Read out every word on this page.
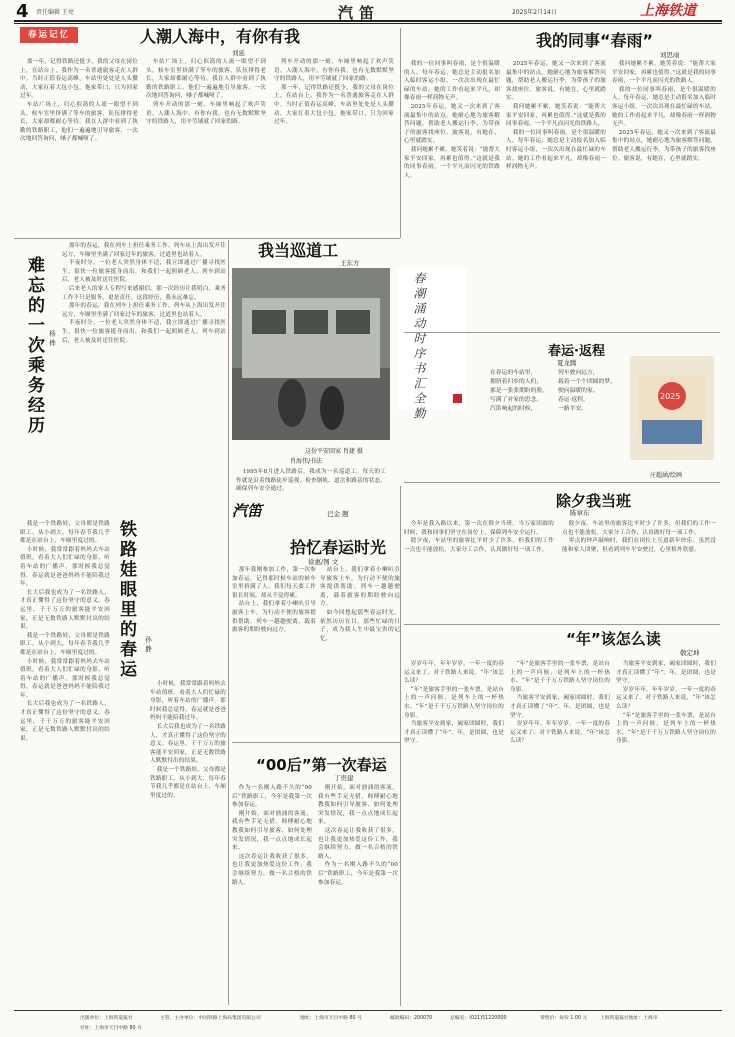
4 责任编辑 王亮	汽笛	2025年2月14日	上海铁道
春运记忆	人潮人海中，有你有我
刘延

那一年，记得铁路还挺少，我的父母在岗位上，在站台上，我作为一名普通旅客走在人群中。当时正值春运高峰，车站里处处是人头攒动，大家扛着大包小包，拖家带口，只为回家过年。

车站广场上，归心似箭的人流一眼望不到头。候车室里挤满了等车的旅客，队伍排得老长，大家却都耐心等待。我在人群中看到了执勤的铁路职工，他们一遍遍地引导旅客，一次次地回答询问，嗓子都喊哑了。

车站广场上，归心似箭的人流一眼望不到头。候车室里挤满了等车的旅客，队伍排得老长，大家却都耐心等待。我在人群中看到了执勤的铁路职工，他们一遍遍地引导旅客，一次次地回答询问，嗓子都喊哑了。

列车开动的那一刻，车厢里响起了欢声笑语。人潮人海中，有你有我，也有无数默默坚守的铁路人，用辛劳铺就了回家的路。

列车开动的那一刻，车厢里响起了欢声笑语。人潮人海中，有你有我，也有无数默默坚守的铁路人，用辛劳铺就了回家的路。

那一年，记得铁路还挺少，我的父母在岗位上，在站台上，我作为一名普通旅客走在人群中。当时正值春运高峰，车站里处处是人头攒动，大家扛着大包小包，拖家带口，只为回家过年。

我的同事“春雨”
刘思雨

我的一位同事叫春雨，是个很温暖的人。每年春运，她总是主动报名加入临时客运小组，一次次出现在最忙碌的车站。她的工作看起来平凡，却像春雨一样润物无声。

2025年春运，她又一次来到了客流最集中的站点。她耐心地为旅客解答问题，帮助老人搬运行李，为带孩子的旅客找座位。旅客说，有她在，心里就踏实。

我问她累不累，她笑着说：“能帮大家平安回家，再累也值得。”这就是我的同事春雨，一个平凡而闪光的铁路人。

2025年春运，她又一次来到了客流最集中的站点。她耐心地为旅客解答问题，帮助老人搬运行李，为带孩子的旅客找座位。旅客说，有她在，心里就踏实。

我问她累不累，她笑着说：“能帮大家平安回家，再累也值得。”这就是我的同事春雨，一个平凡而闪光的铁路人。

我的一位同事叫春雨，是个很温暖的人。每年春运，她总是主动报名加入临时客运小组，一次次出现在最忙碌的车站。她的工作看起来平凡，却像春雨一样润物无声。

我问她累不累，她笑着说：“能帮大家平安回家，再累也值得。”这就是我的同事春雨，一个平凡而闪光的铁路人。

我的一位同事叫春雨，是个很温暖的人。每年春运，她总是主动报名加入临时客运小组，一次次出现在最忙碌的车站。她的工作看起来平凡，却像春雨一样润物无声。

2025年春运，她又一次来到了客流最集中的站点。她耐心地为旅客解答问题，帮助老人搬运行李，为带孩子的旅客找座位。旅客说，有她在，心里就踏实。

难忘的一次乘务经历 杨桦

那年的春运，我在列车上担任乘务工作。列车从上海出发开往远方，车厢里坐满了回家过年的旅客，过道里也站着人。

半夜时分，一位老人突然身体不适，我立即通过广播寻找医生，很快一位旅客挺身而出，和我们一起照顾老人。列车到站后，老人被及时送往医院。

后来老人的家人专程写来感谢信。那一次经历让我明白，乘务工作不只是服务，更是责任。这段经历，我永远难忘。

那年的春运，我在列车上担任乘务工作。列车从上海出发开往远方，车厢里坐满了回家过年的旅客，过道里也站着人。

半夜时分，一位老人突然身体不适，我立即通过广播寻找医生，很快一位旅客挺身而出，和我们一起照顾老人。列车到站后，老人被及时送往医院。

我当巡道工
王东方
春潮涌动时序书汇全勤
这份平安回家 肖捷 摄
肖海伟/书法
春运·返程
夏龙腾
在春运的车站里，
拥挤着归乡的人们，
那是一张张期盼的脸，
写满了对家的思念。
汽笛响起的时候，
列车驶向远方，
载着一个个团圆的梦，
驶向温暖的家。
春运·返程，
一路平安。
2025
庄超涵/绘画
汽笛	巴金 题

1995年8月进入铁路后，我成为一名巡道工。每天的工作就是沿着线路徒步巡视，检查钢轨、道岔和路基的状态，确保列车安全通过。

除夕我当班
陈章东

今年是我入路以来，第一次在除夕当班。当万家团圆的时候，我和同事们坚守在岗位上，保障列车安全运行。

除夕夜，车站里的旅客比平时少了许多，但我们的工作一点也不能放松。大家分工合作，认真做好每一项工作。

除夕夜，车站里的旅客比平时少了许多，但我们的工作一点也不能放松。大家分工合作，认真做好每一项工作。

零点的钟声敲响时，我们在岗位上互道新年快乐。虽然没能和家人团聚，但看到列车平安驶过，心里格外欣慰。

铁路娃眼里的春运	孙静

我是一个铁路娃，父母都是铁路职工。从小到大，每年春节我几乎都是在站台上、车厢里度过的。

小时候，我常常跟着妈妈去车站值班，看着大人们忙碌的身影，听着车站的广播声。那时候我总觉得，春运就是爸爸妈妈不能陪我过年。

长大后我也成为了一名铁路人，才真正懂得了这份坚守的意义。春运里，千千万万的旅客能平安回家，正是无数铁路人默默付出的结果。

我是一个铁路娃，父母都是铁路职工。从小到大，每年春节我几乎都是在站台上、车厢里度过的。

小时候，我常常跟着妈妈去车站值班，看着大人们忙碌的身影，听着车站的广播声。那时候我总觉得，春运就是爸爸妈妈不能陪我过年。

长大后我也成为了一名铁路人，才真正懂得了这份坚守的意义。春运里，千千万万的旅客能平安回家，正是无数铁路人默默付出的结果。

小时候，我常常跟着妈妈去车站值班，看着大人们忙碌的身影，听着车站的广播声。那时候我总觉得，春运就是爸爸妈妈不能陪我过年。

长大后我也成为了一名铁路人，才真正懂得了这份坚守的意义。春运里，千千万万的旅客能平安回家，正是无数铁路人默默付出的结果。

我是一个铁路娃，父母都是铁路职工。从小到大，每年春节我几乎都是在站台上、车厢里度过的。

拾忆春运时光
徐惠/图 文

那年我刚参加工作，第一次参加春运。记得那时候车站的候车室里挤满了人，我们每天要工作很长时间，却从不觉得累。

站台上，我们拿着小喇叭引导旅客上车，为行动不便的旅客提供帮助。列车一趟趟驶离，载着旅客的期盼驶向远方。

站台上，我们拿着小喇叭引导旅客上车，为行动不便的旅客提供帮助。列车一趟趟驶离，载着旅客的期盼驶向远方。

如今回想起那些春运时光，依然历历在目。那些忙碌的日子，成为我人生中最宝贵的记忆。	“年”该怎么读
敬定坤

岁岁年年，年年岁岁。一年一度的春运又来了。对于铁路人来说，“年”该怎么读？

“年”是旅客手里的一张车票，是站台上的一声问候，是列车上的一杯热水。“年”是千千万万铁路人坚守岗位的身影。

当旅客平安到家，阖家团圆时，我们才真正读懂了“年”。年，是团圆，也是坚守。

“年”是旅客手里的一张车票，是站台上的一声问候，是列车上的一杯热水。“年”是千千万万铁路人坚守岗位的身影。

当旅客平安到家，阖家团圆时，我们才真正读懂了“年”。年，是团圆，也是坚守。

岁岁年年，年年岁岁。一年一度的春运又来了。对于铁路人来说，“年”该怎么读？

当旅客平安到家，阖家团圆时，我们才真正读懂了“年”。年，是团圆，也是坚守。

岁岁年年，年年岁岁。一年一度的春运又来了。对于铁路人来说，“年”该怎么读？

“年”是旅客手里的一张车票，是站台上的一声问候，是列车上的一杯热水。“年”是千千万万铁路人坚守岗位的身影。

“00后”第一次春运
丁贵建

作为一名刚入路不久的“00后”铁路职工，今年是我第一次参加春运。

刚开始，面对汹涌的客流，我有些手足无措。师傅耐心地教我如何引导旅客、如何处理突发情况，我一点点地成长起来。

这次春运让我收获了很多，也让我更加热爱这份工作。我会继续努力，做一名合格的铁路人。

刚开始，面对汹涌的客流，我有些手足无措。师傅耐心地教我如何引导旅客、如何处理突发情况，我一点点地成长起来。

这次春运让我收获了很多，也让我更加热爱这份工作。我会继续努力，做一名合格的铁路人。

作为一名刚入路不久的“00后”铁路职工，今年是我第一次参加春运。

出版单位：上海铁道报社	主管、主办单位：中国铁路上海局集团有限公司	地址：上海市天目中路 80 号	邮政编码：200070	总编室：(021)51220000	零售价：每份 1.00 元
社址：上海市天目中路 80 号
上海铁道报社地址：上海市
